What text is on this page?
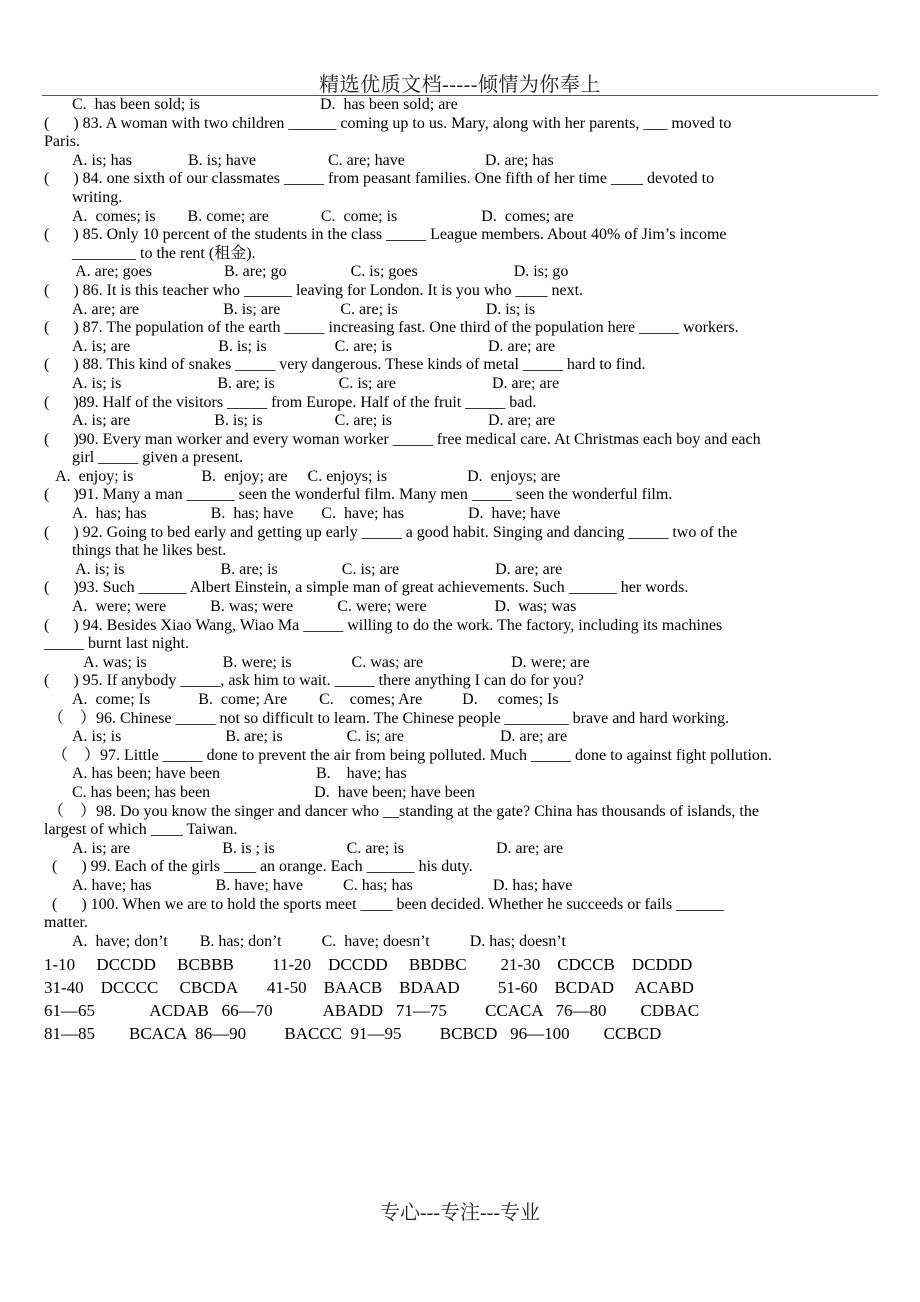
精选优质文档-----倾情为你奉上
C.  has been sold; is                              D.  has been sold; are
(      ) 83. A woman with two children ______ coming up to us. Mary, along with her parents, ___ moved to
Paris.
A. is; has              B. is; have                  C. are; have                    D. are; has
(      ) 84. one sixth of our classmates _____ from peasant families. One fifth of her time ____ devoted to
writing.
A.  comes; is        B. come; are             C.  come; is                     D.  comes; are
(      ) 85. Only 10 percent of the students in the class _____ League members. About 40% of Jim’s income
________ to the rent (租金).
A. are; goes                  B. are; go                C. is; goes                        D. is; go
(      ) 86. It is this teacher who ______ leaving for London. It is you who ____ next.
A. are; are                     B. is; are               C. are; is                      D. is; is
(      ) 87. The population of the earth _____ increasing fast. One third of the population here _____ workers.
A. is; are                      B. is; is                 C. are; is                        D. are; are
(      ) 88. This kind of snakes _____ very dangerous. These kinds of metal _____ hard to find.
A. is; is                        B. are; is                C. is; are                        D. are; are
(      )89. Half of the visitors _____ from Europe. Half of the fruit _____ bad.
A. is; are                     B. is; is                  C. are; is                        D. are; are
(      )90. Every man worker and every woman worker _____ free medical care. At Christmas each boy and each
girl _____ given a present.
A.  enjoy; is                 B.  enjoy; are     C. enjoys; is                    D.  enjoys; are
(      )91. Many a man ______ seen the wonderful film. Many men _____ seen the wonderful film.
A.  has; has                B.  has; have       C.  have; has                D.  have; have
(      ) 92. Going to bed early and getting up early _____ a good habit. Singing and dancing _____ two of the
things that he likes best.
A. is; is                        B. are; is                C. is; are                        D. are; are
(      )93. Such ______ Albert Einstein, a simple man of great achievements. Such ______ her words.
A.  were; were           B. was; were           C. were; were                 D.  was; was
(      ) 94. Besides Xiao Wang, Wiao Ma _____ willing to do the work. The factory, including its machines
_____ burnt last night.
A. was; is                   B. were; is               C. was; are                      D. were; are
(      ) 95. If anybody _____, ask him to wait. _____ there anything I can do for you?
A.  come; Is            B.  come; Are        C.    comes; Are          D.     comes; Is
（    ）96. Chinese _____ not so difficult to learn. The Chinese people ________ brave and hard working.
A. is; is                          B. are; is                C. is; are                        D. are; are
（    ）97. Little _____ done to prevent the air from being polluted. Much _____ done to against fight pollution.
A. has been; have been                        B.    have; has
C. has been; has been                          D.  have been; have been
（    ）98. Do you know the singer and dancer who __standing at the gate? China has thousands of islands, the
largest of which ____ Taiwan.
A. is; are                       B. is ; is                  C. are; is                       D. are; are
(      ) 99. Each of the girls ____ an orange. Each ______ his duty.
A. have; has                B. have; have          C. has; has                    D. has; have
(      ) 100. When we are to hold the sports meet ____ been decided. Whether he succeeds or fails ______
matter.
A.  have; don’t        B. has; don’t          C.  have; doesn’t          D. has; doesn’t
1-10     DCCDD     BCBBB         11-20    DCCDD     BBDBC        21-30    CDCCB    DCDDD
31-40    DCCCC     CBCDA       41-50    BAACB    BDAAD         51-60    BCDAD     ACABD
61—65             ACDAB   66—70            ABADD   71—75         CCACA   76—80        CDBAC
81—85        BCACA  86—90         BACCC  91—95         BCBCD   96—100        CCBCD
专心---专注---专业
